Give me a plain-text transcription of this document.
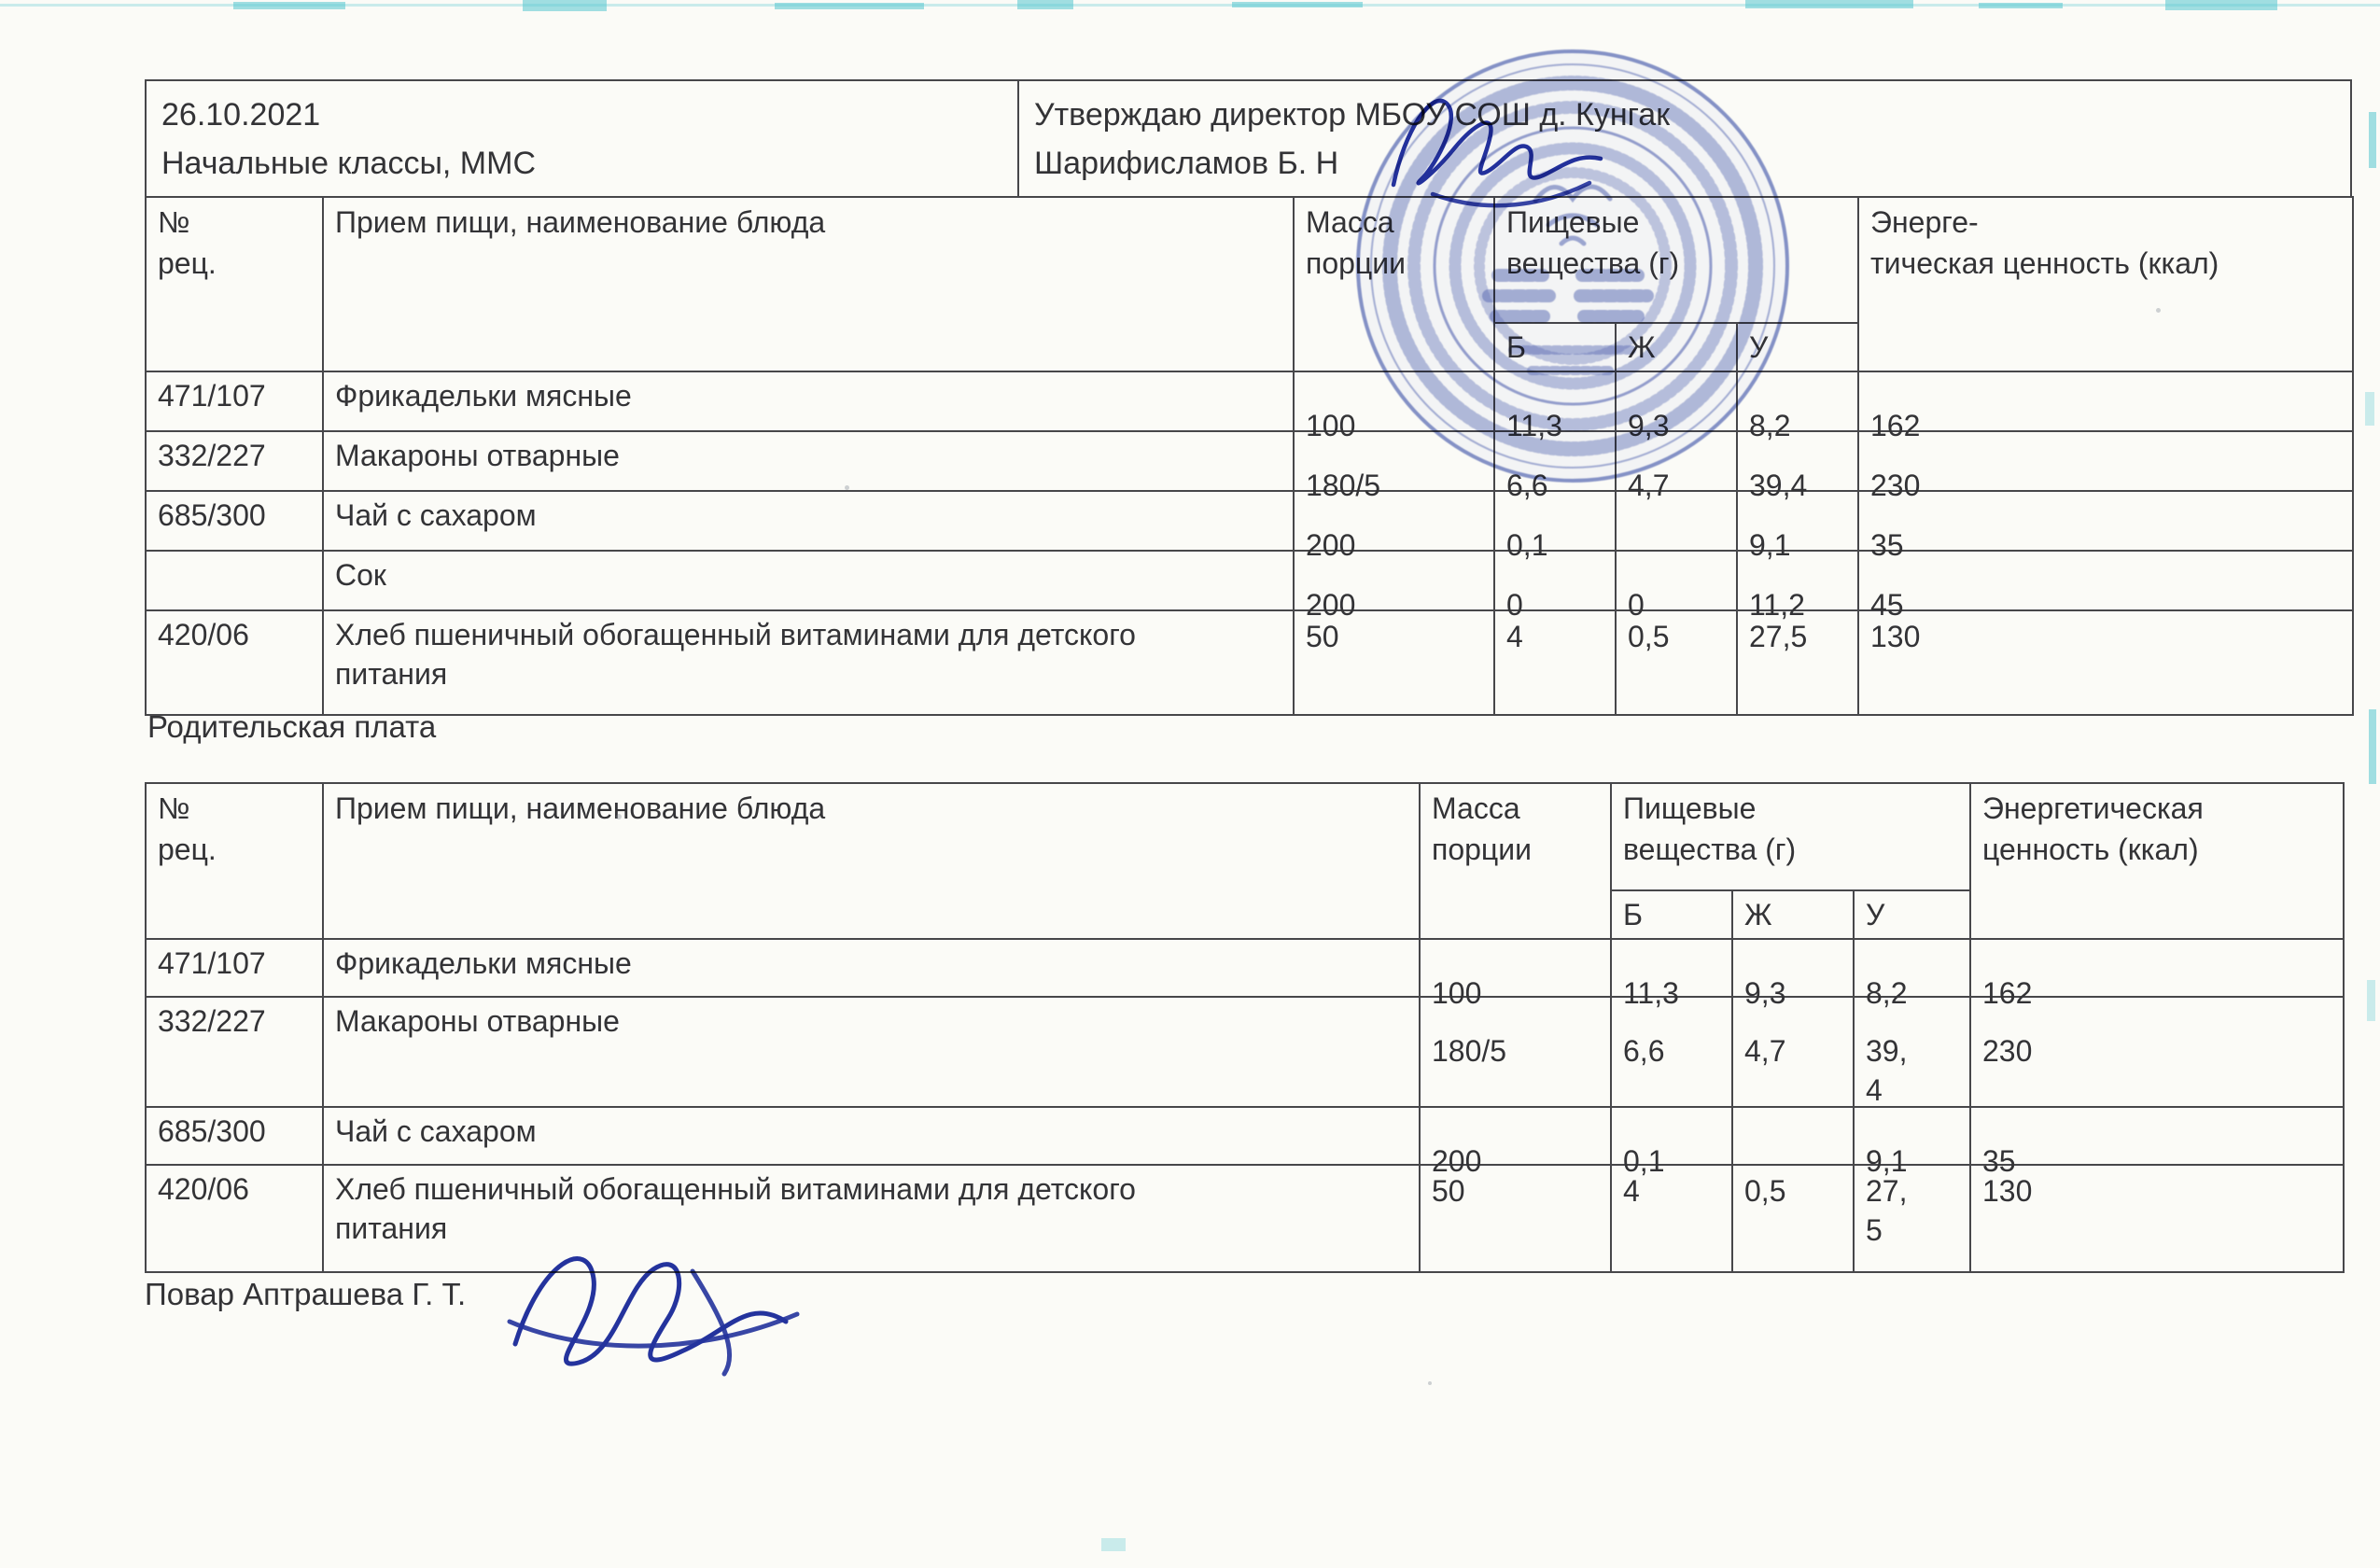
26.10.2021
Начальные классы, ММС
Утверждаю директор МБОУ СОШ д. Кунгак
Шарифисламов Б. Н
№
рец.

Прием пищи, наименование блюда	Масса
порции

Пищевые
вещества (г)

Энерге-
тическая ценность (ккал)

			Б	Ж	У	
471/107	Фрикадельки мясные	100	11,3	9,3	8,2	162
332/227	Макароны отварные	180/5	6,6	4,7	39,4	230
685/300	Чай с сахаром	200	0,1		9,1	35
	Сок	200	0	0	11,2	45
420/06	Хлеб пшеничный обогащенный витаминами для детского питания	50	4	0,5	27,5	130
Родительская плата
№
рец.

Прием пищи, наименование блюда	Масса
порции

Пищевые
вещества (г)

Энергетическая
ценность (ккал)

			Б	Ж	У	
471/107	Фрикадельки мясные	100	11,3	9,3	8,2	162
332/227	Макароны отварные	180/5	6,6	4,7	39, 4	230
685/300	Чай с сахаром	200	0,1		9,1	35
420/06	Хлеб пшеничный обогащенный витаминами для детского питания	50	4	0,5	27, 5	130
Повар Аптрашева Г. Т.
